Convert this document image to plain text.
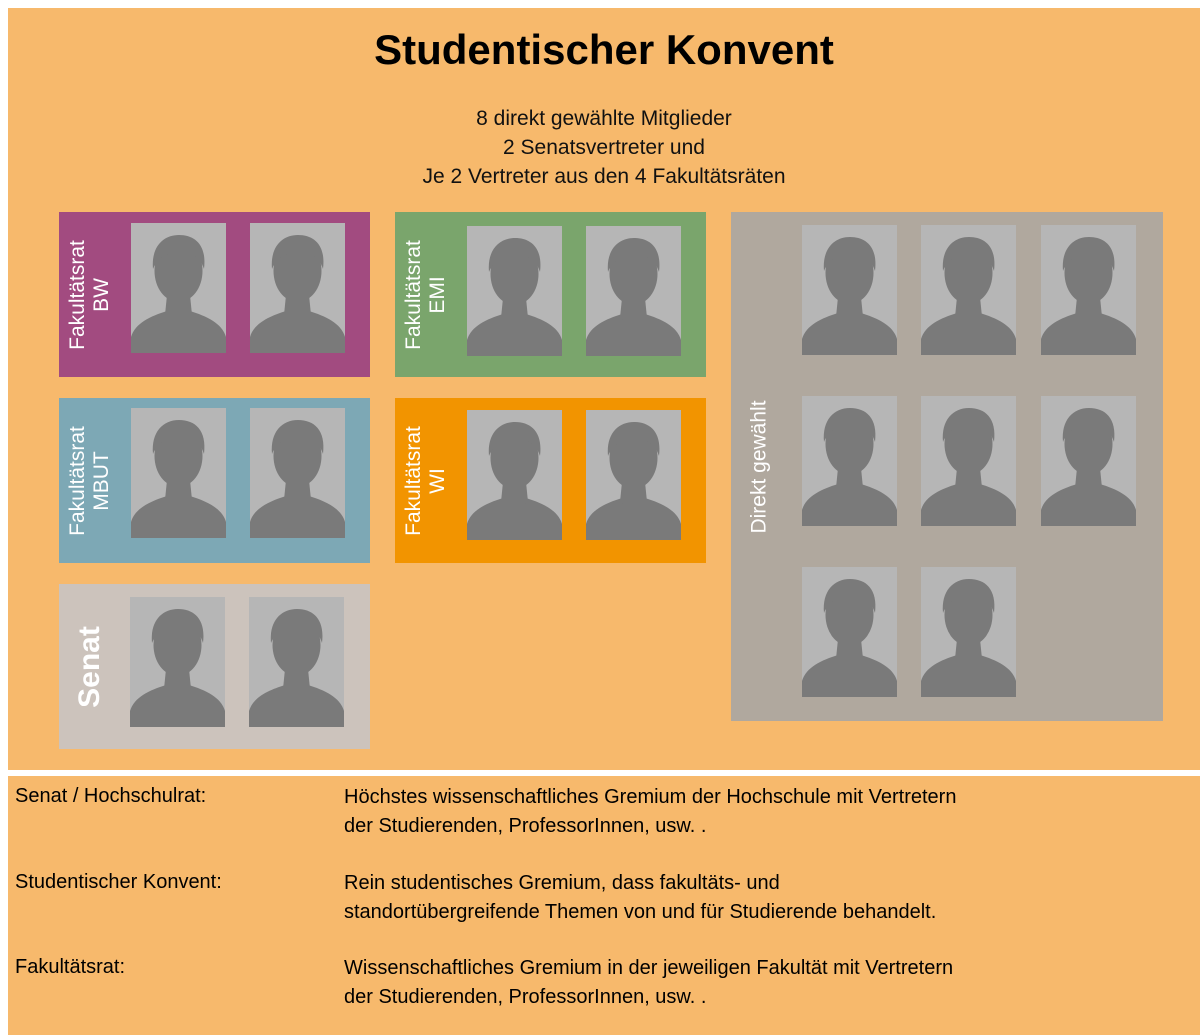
Studentischer Konvent
8 direkt gewählte Mitglieder
2 Senatsvertreter und
Je 2 Vertreter aus den 4 Fakultätsräten
Fakultätsrat BW	Fakultätsrat EMI
Fakultätsrat MBUT	Fakultätsrat WI
Senat
Direkt gewählt
Senat / Hochschulrat:	Höchstes wissenschaftliches Gremium der Hochschule mit Vertretern
der Studierenden, ProfessorInnen, usw. .
Studentischer Konvent:	Rein studentisches Gremium, dass fakultäts- und
standortübergreifende Themen von und für Studierende behandelt.
Fakultätsrat:	Wissenschaftliches Gremium in der jeweiligen Fakultät mit Vertretern
der Studierenden, ProfessorInnen, usw. .
